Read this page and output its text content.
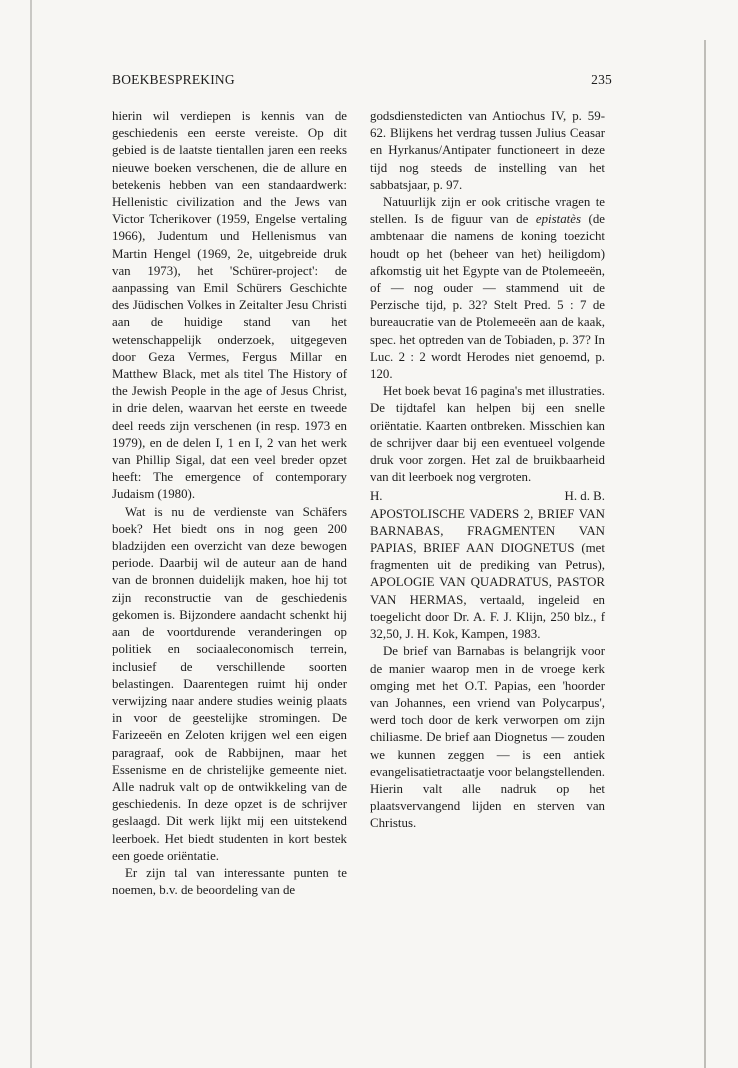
BOEKBESPREKING	235

hierin wil verdiepen is kennis van de geschiedenis een eerste vereiste. Op dit gebied is de laatste tientallen jaren een reeks nieuwe boeken verschenen, die de allure en betekenis hebben van een standaardwerk: Hellenistic civilization and the Jews van Victor Tcherikover (1959, Engelse vertaling 1966), Judentum und Hellenismus van Martin Hengel (1969, 2e, uitgebreide druk van 1973), het 'Schürer-project': de aanpassing van Emil Schürers Geschichte des Jüdischen Volkes in Zeitalter Jesu Christi aan de huidige stand van het wetenschappelijk onderzoek, uitgegeven door Geza Vermes, Fergus Millar en Matthew Black, met als titel The History of the Jewish People in the age of Jesus Christ, in drie delen, waarvan het eerste en tweede deel reeds zijn verschenen (in resp. 1973 en 1979), en de delen I, 1 en I, 2 van het werk van Phillip Sigal, dat een veel breder opzet heeft: The emergence of contemporary Judaism (1980).

Wat is nu de verdienste van Schäfers boek? Het biedt ons in nog geen 200 bladzijden een overzicht van deze bewogen periode. Daarbij wil de auteur aan de hand van de bronnen duidelijk maken, hoe hij tot zijn reconstructie van de geschiedenis gekomen is. Bijzondere aandacht schenkt hij aan de voortdurende veranderingen op politiek en sociaaleconomisch terrein, inclusief de verschillende soorten belastingen. Daarentegen ruimt hij onder verwijzing naar andere studies weinig plaats in voor de geestelijke stromingen. De Farizeeën en Zeloten krijgen wel een eigen paragraaf, ook de Rabbijnen, maar het Essenisme en de christelijke gemeente niet. Alle nadruk valt op de ontwikkeling van de geschiedenis. In deze opzet is de schrijver geslaagd. Dit werk lijkt mij een uitstekend leerboek. Het biedt studenten in kort bestek een goede oriëntatie.

Er zijn tal van interessante punten te noemen, b.v. de beoordeling van de

godsdienstedicten van Antiochus IV, p. 59-62. Blijkens het verdrag tussen Julius Ceasar en Hyrkanus/Antipater functioneert in deze tijd nog steeds de instelling van het sabbatsjaar, p. 97.

Natuurlijk zijn er ook critische vragen te stellen. Is de figuur van de epistatès (de ambtenaar die namens de koning toezicht houdt op het (beheer van het) heiligdom) afkomstig uit het Egypte van de Ptolemeeën, of — nog ouder — stammend uit de Perzische tijd, p. 32? Stelt Pred. 5 : 7 de bureaucratie van de Ptolemeeën aan de kaak, spec. het optreden van de Tobiaden, p. 37? In Luc. 2 : 2 wordt Herodes niet genoemd, p. 120.

Het boek bevat 16 pagina's met illustraties. De tijdtafel kan helpen bij een snelle oriëntatie. Kaarten ontbreken. Misschien kan de schrijver daar bij een eventueel volgende druk voor zorgen. Het zal de bruikbaarheid van dit leerboek nog vergroten.

H.	H. d. B.

APOSTOLISCHE VADERS 2, BRIEF VAN BARNABAS, FRAGMENTEN VAN PAPIAS, BRIEF AAN DIOGNETUS (met fragmenten uit de prediking van Petrus), APOLOGIE VAN QUADRATUS, PASTOR VAN HERMAS, vertaald, ingeleid en toegelicht door Dr. A. F. J. Klijn, 250 blz., f 32,50, J. H. Kok, Kampen, 1983.

De brief van Barnabas is belangrijk voor de manier waarop men in de vroege kerk omging met het O.T. Papias, een 'hoorder van Johannes, een vriend van Polycarpus', werd toch door de kerk verworpen om zijn chiliasme. De brief aan Diognetus — zouden we kunnen zeggen — is een antiek evangelisatietractaatje voor belangstellenden. Hierin valt alle nadruk op het plaatsvervangend lijden en sterven van Christus.
